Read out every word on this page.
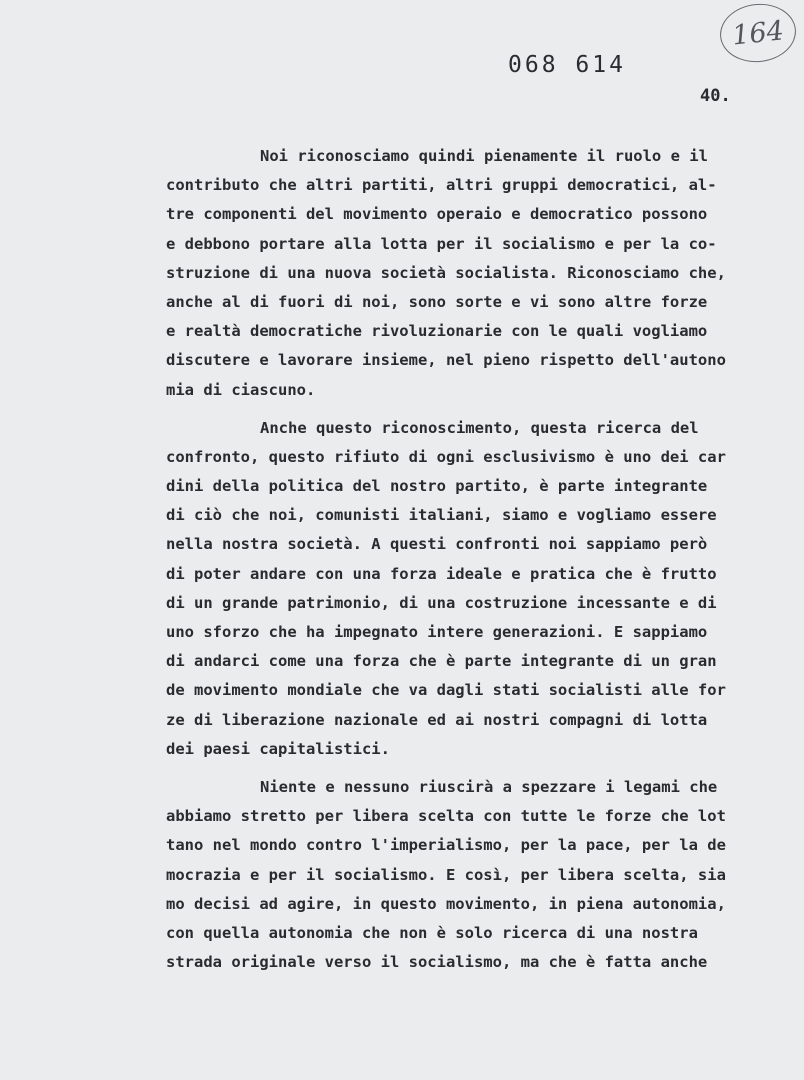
164
068 614
40.
Noi riconosciamo quindi pienamente il ruolo e il
contributo che altri partiti, altri gruppi democratici, al-
tre componenti del movimento operaio e democratico possono
e debbono portare alla lotta per il socialismo e per la co-
struzione di una nuova società socialista. Riconosciamo che,
anche al di fuori di noi, sono sorte e vi sono altre forze
e realtà democratiche rivoluzionarie con le quali vogliamo
discutere e lavorare insieme, nel pieno rispetto dell'autono
mia di ciascuno.
Anche questo riconoscimento, questa ricerca del
confronto, questo rifiuto di ogni esclusivismo è uno dei car
dini della politica del nostro partito, è parte integrante
di ciò che noi, comunisti italiani, siamo e vogliamo essere
nella nostra società. A questi confronti noi sappiamo però
di poter andare con una forza ideale e pratica che è frutto
di un grande patrimonio, di una costruzione incessante e di
uno sforzo che ha impegnato intere generazioni. E sappiamo
di andarci come una forza che è parte integrante di un gran
de movimento mondiale che va dagli stati socialisti alle for
ze di liberazione nazionale ed ai nostri compagni di lotta
dei paesi capitalistici.
Niente e nessuno riuscirà a spezzare i legami che
abbiamo stretto per libera scelta con tutte le forze che lot
tano nel mondo contro l'imperialismo, per la pace, per la de
mocrazia e per il socialismo. E così, per libera scelta, sia
mo decisi ad agire, in questo movimento, in piena autonomia,
con quella autonomia che non è solo ricerca di una nostra
strada originale verso il socialismo, ma che è fatta anche
